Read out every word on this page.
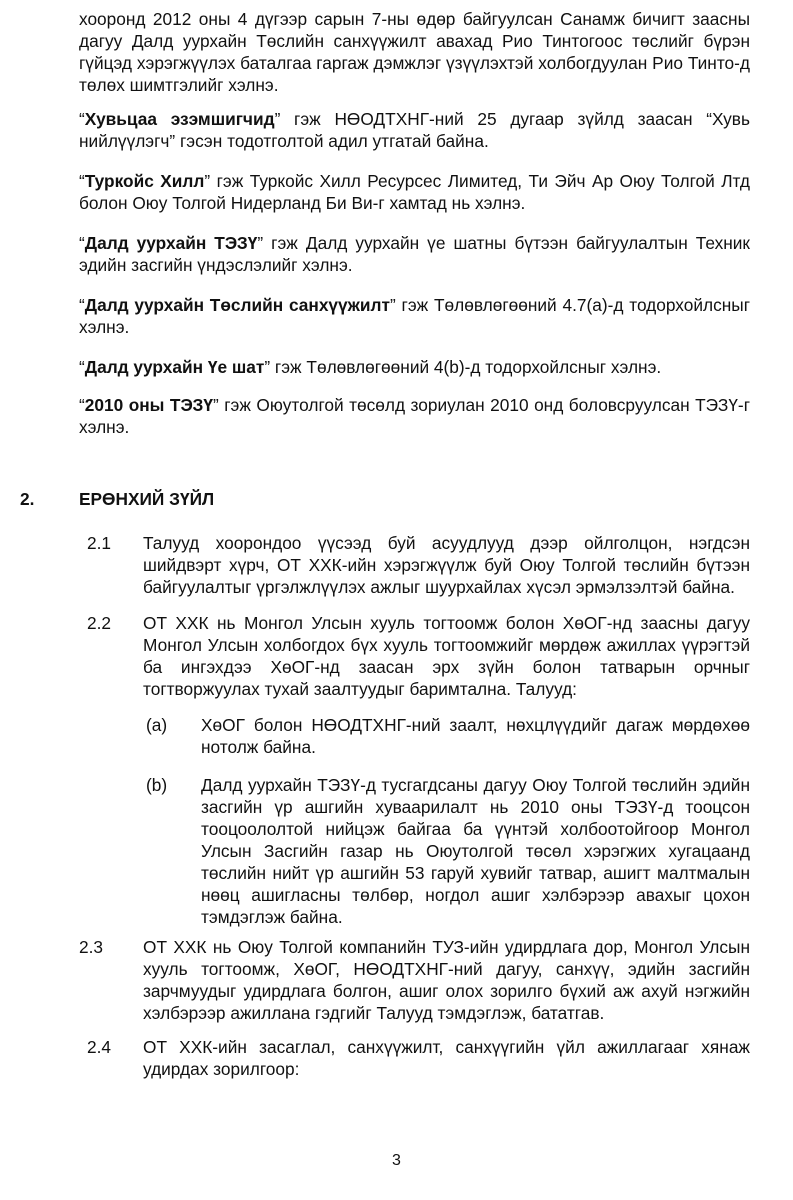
хооронд 2012 оны 4 дүгээр сарын 7-ны өдөр байгуулсан Санамж бичигт заасны дагуу Далд уурхайн Төслийн санхүүжилт авахад Рио Тинтогоос төслийг бүрэн гүйцэд хэрэгжүүлэх баталгаа гаргаж дэмжлэг үзүүлэхтэй холбогдуулан Рио Тинто-д төлөх шимтгэлийг хэлнэ.
“Хувьцаа эзэмшигчид” гэж НӨОДТХНГ-ний 25 дугаар зүйлд заасан “Хувь нийлүүлэгч” гэсэн тодотголтой адил утгатай байна.
“Туркойс Хилл” гэж Туркойс Хилл Ресурсес Лимитед, Ти Эйч Ар Оюу Толгой Лтд болон Оюу Толгой Нидерланд Би Ви-г хамтад нь хэлнэ.
“Далд уурхайн ТЭЗҮ” гэж Далд уурхайн үе шатны бүтээн байгуулалтын Техник эдийн засгийн үндэслэлийг хэлнэ.
“Далд уурхайн Төслийн санхүүжилт” гэж Төлөвлөгөөний 4.7(а)-д тодорхойлсныг хэлнэ.
“Далд уурхайн Үе шат” гэж Төлөвлөгөөний 4(b)-д тодорхойлсныг хэлнэ.
“2010 оны ТЭЗҮ” гэж Оюутолгой төсөлд зориулан 2010 онд боловсруулсан ТЭЗҮ-г хэлнэ.
2.	ЕРӨНХИЙ ЗҮЙЛ
2.1 Талууд хоорондоо үүсээд буй асуудлууд дээр ойлголцон, нэгдсэн шийдвэрт хүрч, ОТ ХХК-ийн хэрэгжүүлж буй Оюу Толгой төслийн бүтээн байгуулалтыг үргэлжлүүлэх ажлыг шуурхайлах хүсэл эрмэлзэлтэй байна.
2.2 ОТ ХХК нь Монгол Улсын хууль тогтоомж болон ХөОГ-нд заасны дагуу Монгол Улсын холбогдох бүх хууль тогтоомжийг мөрдөж ажиллах үүрэгтэй ба ингэхдээ ХөОГ-нд заасан эрх зүйн болон татварын орчныг тогтворжуулах тухай заалтуудыг баримтална. Талууд:
(a) ХөОГ болон НӨОДТХНГ-ний заалт, нөхцлүүдийг дагаж мөрдөхөө нотолж байна.
(b) Далд уурхайн ТЭЗҮ-д тусгагдсаны дагуу Оюу Толгой төслийн эдийн засгийн үр ашгийн хуваарилалт нь 2010 оны ТЭЗҮ-д тооцсон тооцоололтой нийцэж байгаа ба үүнтэй холбоотойгоор Монгол Улсын Засгийн газар нь Оюутолгой төсөл хэрэгжих хугацаанд төслийн нийт үр ашгийн 53 гаруй хувийг татвар, ашигт малтмалын нөөц ашигласны төлбөр, ногдол ашиг хэлбэрээр авахыг цохон тэмдэглэж байна.
2.3 ОТ ХХК нь Оюу Толгой компанийн ТУЗ-ийн удирдлага дор, Монгол Улсын хууль тогтоомж, ХөОГ, НӨОДТХНГ-ний дагуу, санхүү, эдийн засгийн зарчмуудыг удирдлага болгон, ашиг олох зорилго бүхий аж ахуй нэгжийн хэлбэрээр ажиллана гэдгийг Талууд тэмдэглэж, бататгав.
2.4 ОТ ХХК-ийн засаглал, санхүүжилт, санхүүгийн үйл ажиллагааг хянаж удирдах зорилгоор:
3
